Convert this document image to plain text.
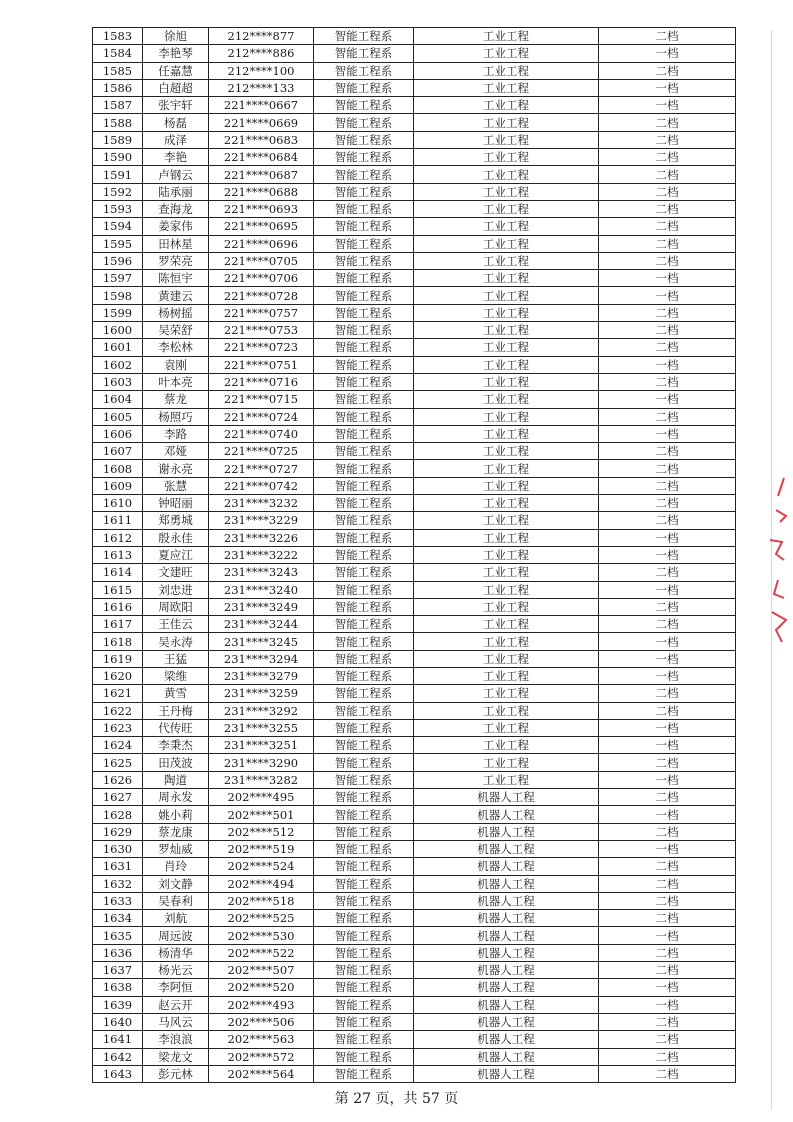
1583	徐旭	212****877	智能工程系	工业工程	二档
1584	李艳琴	212****886	智能工程系	工业工程	一档
1585	任嘉慧	212****100	智能工程系	工业工程	二档
1586	白超超	212****133	智能工程系	工业工程	一档
1587	张宇轩	221****0667	智能工程系	工业工程	一档
1588	杨磊	221****0669	智能工程系	工业工程	二档
1589	成泽	221****0683	智能工程系	工业工程	二档
1590	李艳	221****0684	智能工程系	工业工程	二档
1591	卢钢云	221****0687	智能工程系	工业工程	二档
1592	陆承丽	221****0688	智能工程系	工业工程	二档
1593	查海龙	221****0693	智能工程系	工业工程	二档
1594	姜家伟	221****0695	智能工程系	工业工程	二档
1595	田林星	221****0696	智能工程系	工业工程	二档
1596	罗荣亮	221****0705	智能工程系	工业工程	二档
1597	陈恒宇	221****0706	智能工程系	工业工程	一档
1598	黄建云	221****0728	智能工程系	工业工程	一档
1599	杨树摇	221****0757	智能工程系	工业工程	二档
1600	吴荣舒	221****0753	智能工程系	工业工程	二档
1601	李松林	221****0723	智能工程系	工业工程	二档
1602	袁刚	221****0751	智能工程系	工业工程	一档
1603	叶本亮	221****0716	智能工程系	工业工程	二档
1604	蔡龙	221****0715	智能工程系	工业工程	一档
1605	杨照巧	221****0724	智能工程系	工业工程	二档
1606	李路	221****0740	智能工程系	工业工程	一档
1607	邓娅	221****0725	智能工程系	工业工程	二档
1608	谢永亮	221****0727	智能工程系	工业工程	二档
1609	张慧	221****0742	智能工程系	工业工程	二档
1610	钟昭丽	231****3232	智能工程系	工业工程	二档
1611	郑勇城	231****3229	智能工程系	工业工程	二档
1612	殷永佳	231****3226	智能工程系	工业工程	一档
1613	夏应江	231****3222	智能工程系	工业工程	一档
1614	文建旺	231****3243	智能工程系	工业工程	二档
1615	刘忠进	231****3240	智能工程系	工业工程	一档
1616	周欧阳	231****3249	智能工程系	工业工程	二档
1617	王佳云	231****3244	智能工程系	工业工程	二档
1618	吴永涛	231****3245	智能工程系	工业工程	一档
1619	王猛	231****3294	智能工程系	工业工程	一档
1620	梁维	231****3279	智能工程系	工业工程	一档
1621	黄雪	231****3259	智能工程系	工业工程	二档
1622	王丹梅	231****3292	智能工程系	工业工程	二档
1623	代传旺	231****3255	智能工程系	工业工程	一档
1624	李秉杰	231****3251	智能工程系	工业工程	一档
1625	田茂波	231****3290	智能工程系	工业工程	二档
1626	陶道	231****3282	智能工程系	工业工程	一档
1627	周永发	202****495	智能工程系	机器人工程	二档
1628	姚小莉	202****501	智能工程系	机器人工程	一档
1629	蔡龙康	202****512	智能工程系	机器人工程	二档
1630	罗灿威	202****519	智能工程系	机器人工程	一档
1631	肖玲	202****524	智能工程系	机器人工程	二档
1632	刘文静	202****494	智能工程系	机器人工程	二档
1633	吴春利	202****518	智能工程系	机器人工程	二档
1634	刘航	202****525	智能工程系	机器人工程	二档
1635	周远波	202****530	智能工程系	机器人工程	一档
1636	杨清华	202****522	智能工程系	机器人工程	二档
1637	杨光云	202****507	智能工程系	机器人工程	二档
1638	李阿恒	202****520	智能工程系	机器人工程	一档
1639	赵云开	202****493	智能工程系	机器人工程	一档
1640	马风云	202****506	智能工程系	机器人工程	二档
1641	李浪浪	202****563	智能工程系	机器人工程	二档
1642	梁龙文	202****572	智能工程系	机器人工程	二档
1643	彭元林	202****564	智能工程系	机器人工程	二档
第 27 页，共 57 页
